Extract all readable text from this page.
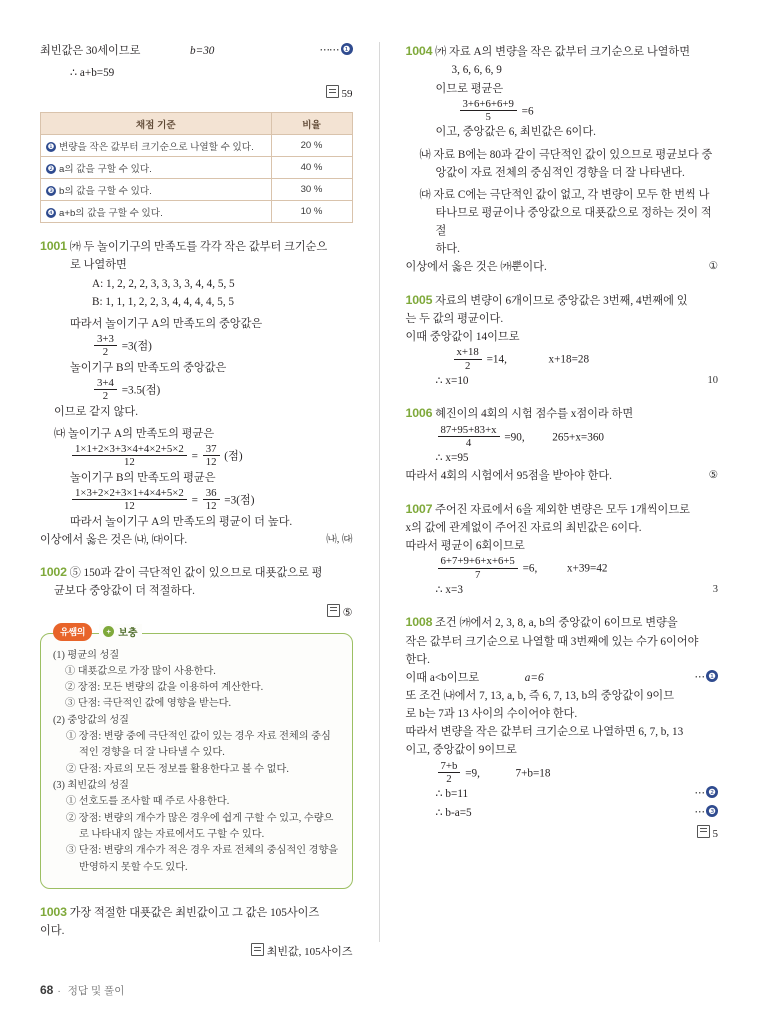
최빈값은 30세이므로	b=30	⋯⋯ ❶
∴ a+b=59
59
채점 기준	비율
❶ 변량을 작은 값부터 크기순으로 나열할 수 있다.	20 %
❷ a의 값을 구할 수 있다.	40 %
❸ b의 값을 구할 수 있다.	30 %
❹ a+b의 값을 구할 수 있다.	10 %
1001 ㈎ 두 놀이기구의 만족도를 각각 작은 값부터 크기순으
로 나열하면
A: 1, 2, 2, 2, 3, 3, 3, 3, 4, 4, 5, 5
B: 1, 1, 1, 2, 2, 3, 4, 4, 4, 4, 5, 5
따라서 놀이기구 A의 만족도의 중앙값은
$\frac{3+3}{2} =3$(점)
놀이기구 B의 만족도의 중앙값은
$\frac{3+4}{2} =3.5$(점)
이므로 같지 않다.
㈐ 놀이기구 A의 만족도의 평균은
$\frac{1\times 1+2\times 3+3\times 4+4\times 2+5\times 2}{12} = \frac{37}{12}$ (점)
놀이기구 B의 만족도의 평균은
$\frac{1\times 3+2\times 2+3\times 1+4\times 4+5\times 2}{12} = \frac{36}{12} =3$(점)
따라서 놀이기구 A의 만족도의 평균이 더 높다.
이상에서 옳은 것은 ㈏, ㈐이다.	㈏, ㈐
1002 ⑤ 150과 같이 극단적인 값이 있으므로 대푯값으로 평
균보다 중앙값이 더 적절하다.
⑤
유쌤의	+ 보충
(1) 평균의 성질
① 대푯값으로 가장 많이 사용한다.
② 장점: 모든 변량의 값을 이용하여 계산한다.
③ 단점: 극단적인 값에 영향을 받는다.
(2) 중앙값의 성질
① 장점: 변량 중에 극단적인 값이 있는 경우 자료 전체의 중심적인 경향을 더 잘 나타낼 수 있다.
② 단점: 자료의 모든 정보를 활용한다고 볼 수 없다.
(3) 최빈값의 성질
① 선호도를 조사할 때 주로 사용한다.
② 장점: 변량의 개수가 많은 경우에 쉽게 구할 수 있고, 수량으로 나타내지 않는 자료에서도 구할 수 있다.
③ 단점: 변량의 개수가 적은 경우 자료 전체의 중심적인 경향을 반영하지 못할 수도 있다.
1003 가장 적절한 대푯값은 최빈값이고 그 값은 105사이즈
이다.
최빈값, 105사이즈
1004 ㈎ 자료 A의 변량을 작은 값부터 크기순으로 나열하면
3, 6, 6, 6, 9
이므로 평균은
$\frac{3+6+6+6+9}{5} =6$
이고, 중앙값은 6, 최빈값은 6이다.
㈏ 자료 B에는 80과 같이 극단적인 값이 있으므로 평균보다 중
앙값이 자료 전체의 중심적인 경향을 더 잘 나타낸다.
㈐ 자료 C에는 극단적인 값이 없고, 각 변량이 모두 한 번씩 나
타나므로 평균이나 중앙값으로 대푯값으로 정하는 것이 적절
하다.
이상에서 옳은 것은 ㈎뿐이다.	①
1005 자료의 변량이 6개이므로 중앙값은 3번째, 4번째에 있
는 두 값의 평균이다.
이때 중앙값이 14이므로
$\frac{x+18}{2} =14$,	x+18=28
∴ x=10	10
1006 혜진이의 4회의 시험 점수를 x점이라 하면
$\frac{87+95+83+x}{4} =90$, 265+x=360
∴ x=95
따라서 4회의 시험에서 95점을 받아야 한다.	⑤
1007 주어진 자료에서 6을 제외한 변량은 모두 1개씩이므로
x의 값에 관계없이 주어진 자료의 최빈값은 6이다.
따라서 평균이 6회이므로
$\frac{6+7+9+6+x+6+5}{7} =6$,	x+39=42
∴ x=3	3
1008 조건 ㈎에서 2, 3, 8, a, b의 중앙값이 6이므로 변량을
작은 값부터 크기순으로 나열할 때 3번째에 있는 수가 6이어야
한다.
이때 a<b이므로	a=6	⋯ ❶
또 조건 ㈏에서 7, 13, a, b, 즉 6, 7, 13, b의 중앙값이 9이므
로 b는 7과 13 사이의 수이어야 한다.
따라서 변량을 작은 값부터 크기순으로 나열하면 6, 7, b, 13
이고, 중앙값이 9이므로
$\frac{7+b}{2} =9$,	7+b=18
∴ b=11	⋯ ❷
∴ b-a=5	⋯ ❸
5
68 · 정답 및 풀이
